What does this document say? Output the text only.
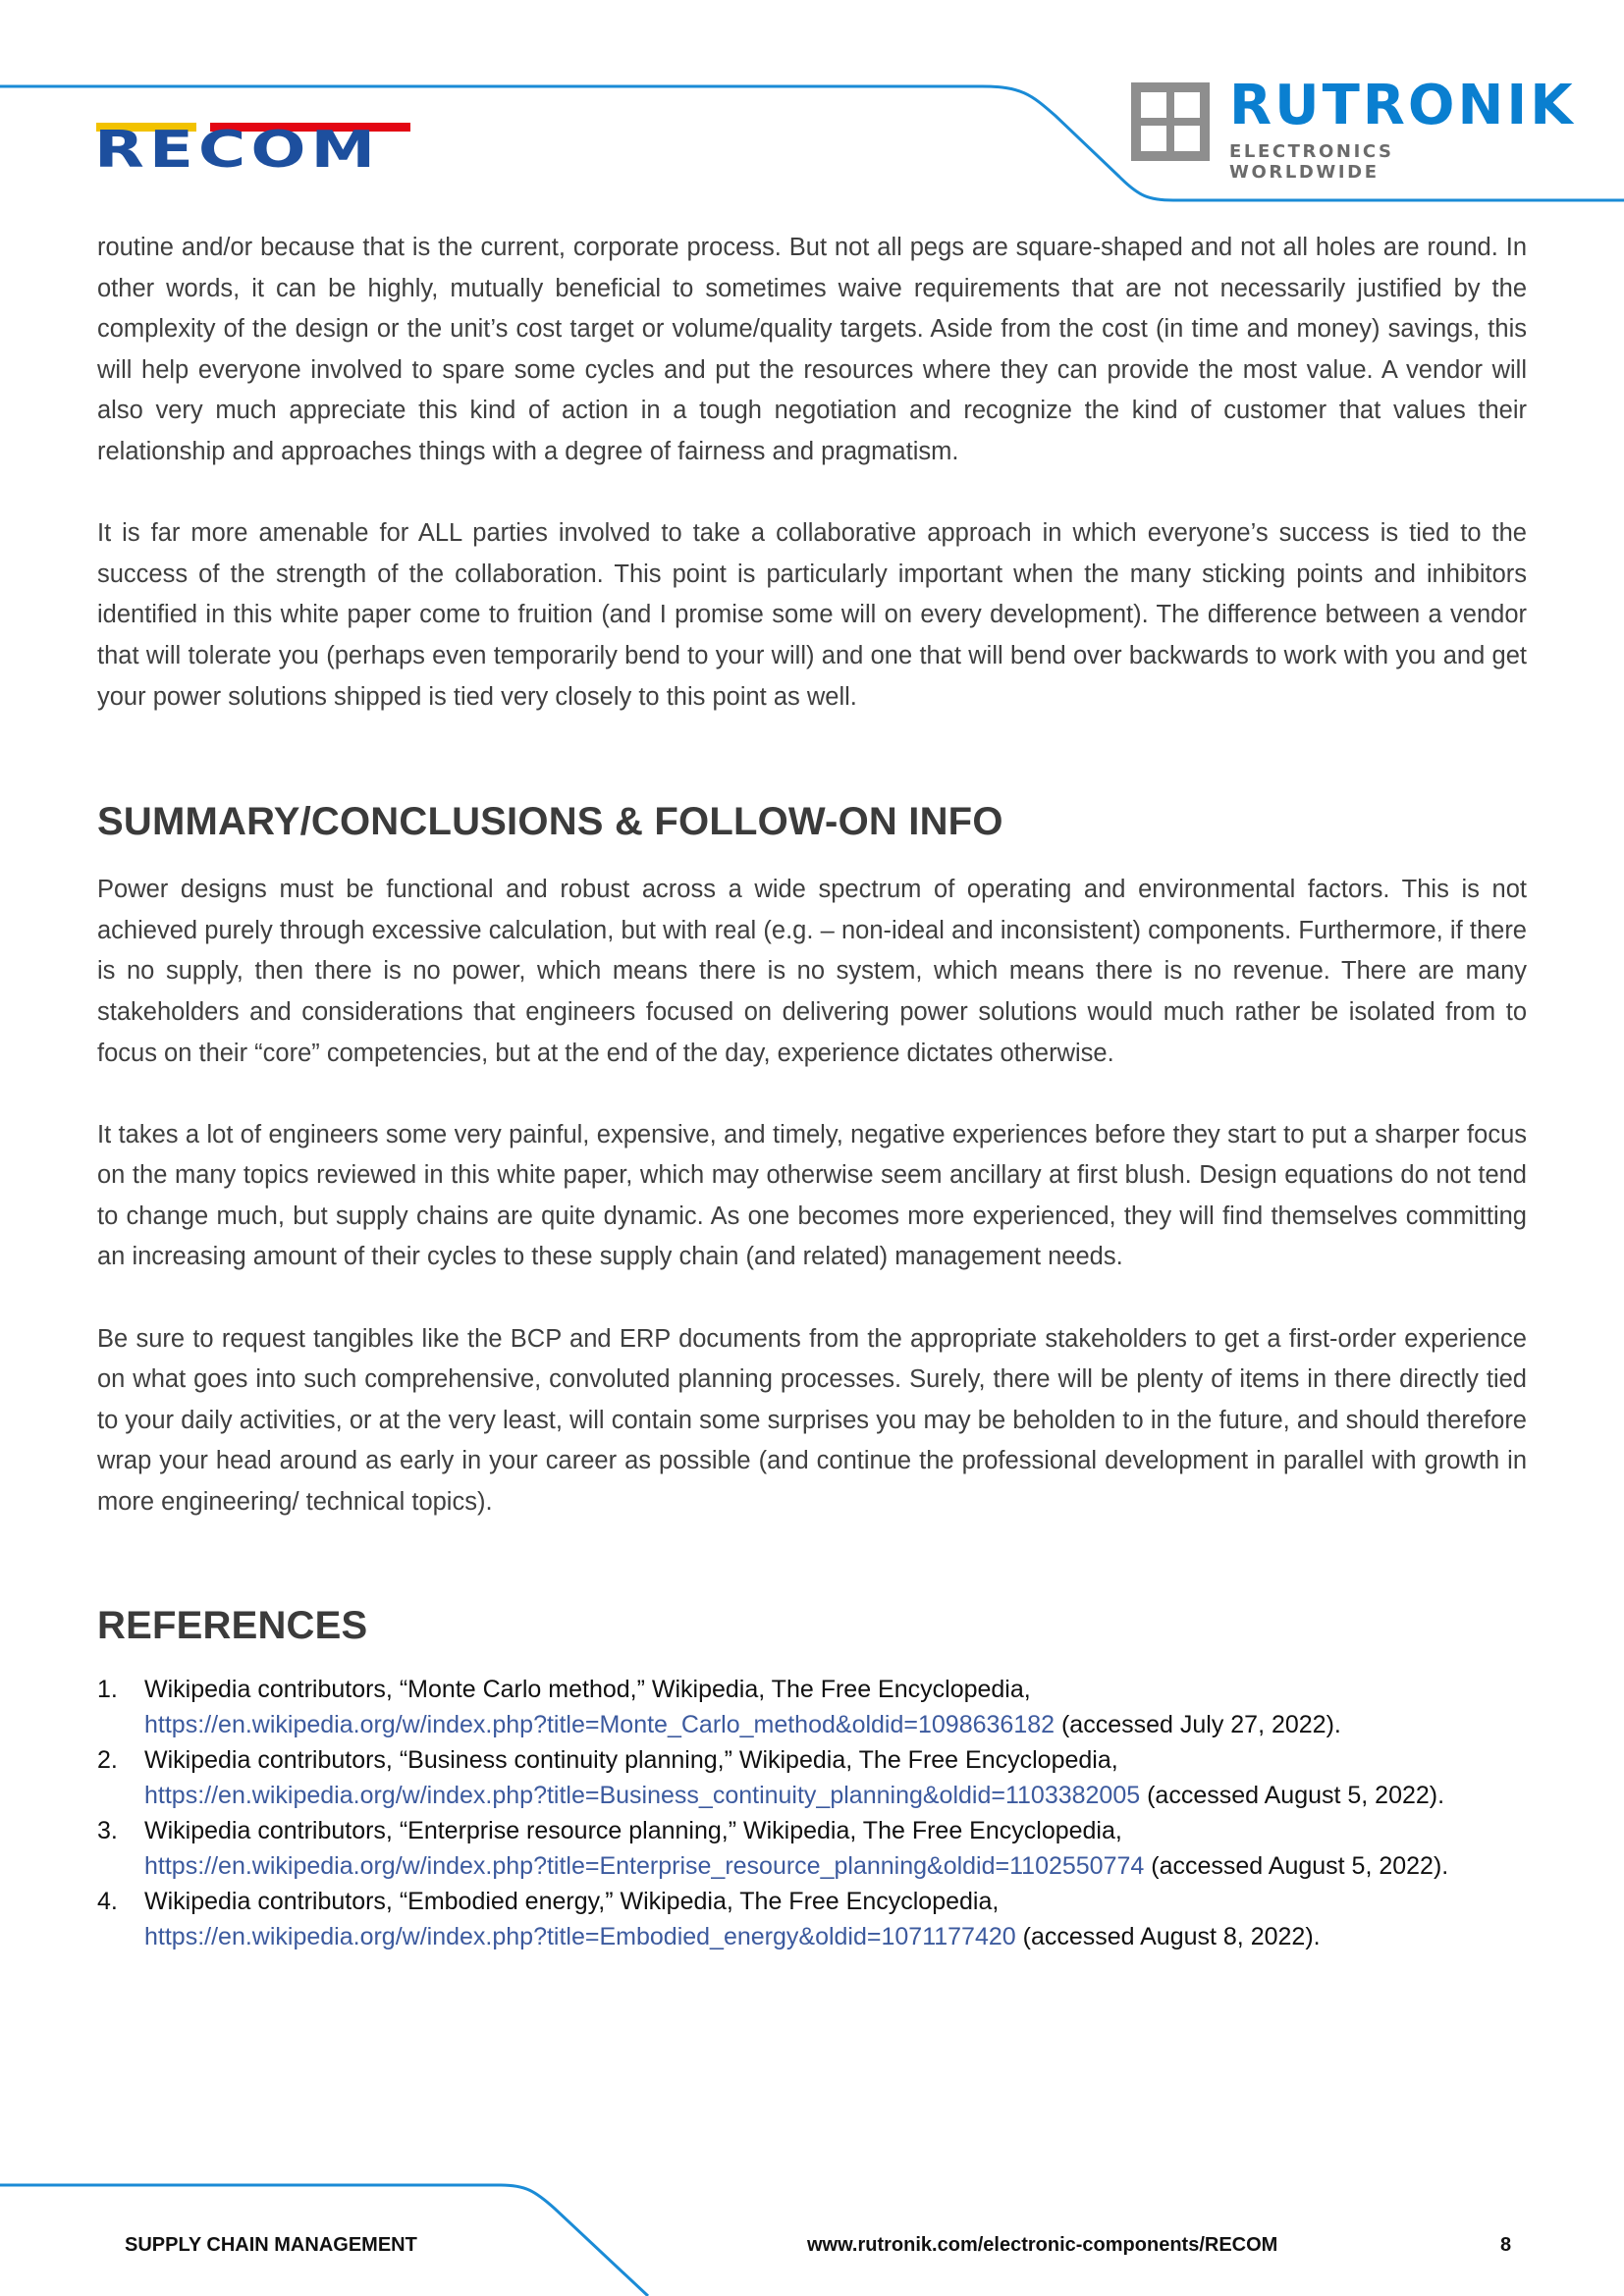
RECOM
RUTRONIK
ELECTRONICS WORLDWIDE

routine and/or because that is the current, corporate process. But not all pegs are square-shaped and not all holes are round. In other words, it can be highly, mutually beneficial to sometimes waive requirements that are not necessarily justified by the complexity of the design or the unit’s cost target or volume/quality targets. Aside from the cost (in time and money) savings, this will help everyone involved to spare some cycles and put the resources where they can provide the most value. A vendor will also very much appreciate this kind of action in a tough negotiation and recognize the kind of customer that values their relationship and approaches things with a degree of fairness and pragmatism.

It is far more amenable for ALL parties involved to take a collaborative approach in which everyone’s success is tied to the success of the strength of the collaboration. This point is particularly important when the many sticking points and inhibitors identified in this white paper come to fruition (and I promise some will on every development). The difference between a vendor that will tolerate you (perhaps even temporarily bend to your will) and one that will bend over backwards to work with you and get your power solutions shipped is tied very closely to this point as well.

SUMMARY/CONCLUSIONS & FOLLOW-ON INFO

Power designs must be functional and robust across a wide spectrum of operating and environmental factors. This is not achieved purely through excessive calculation, but with real (e.g. – non-ideal and inconsistent) components. Furthermore, if there is no supply, then there is no power, which means there is no system, which means there is no revenue. There are many stakeholders and considerations that engineers focused on delivering power solutions would much rather be isolated from to focus on their “core” competencies, but at the end of the day, experience dictates otherwise.

It takes a lot of engineers some very painful, expensive, and timely, negative experiences before they start to put a sharper focus on the many topics reviewed in this white paper, which may otherwise seem ancillary at first blush. Design equations do not tend to change much, but supply chains are quite dynamic. As one becomes more experienced, they will find themselves committing an increasing amount of their cycles to these supply chain (and related) management needs.

Be sure to request tangibles like the BCP and ERP documents from the appropriate stakeholders to get a first-order experience on what goes into such comprehensive, convoluted planning processes. Surely, there will be plenty of items in there directly tied to your daily activities, or at the very least, will contain some surprises you may be beholden to in the future, and should therefore wrap your head around as early in your career as possible (and continue the professional development in parallel with growth in more engineering/ technical topics).

REFERENCES
1. Wikipedia contributors, “Monte Carlo method,” Wikipedia, The Free Encyclopedia,
https://en.wikipedia.org/w/index.php?title=Monte_Carlo_method&oldid=1098636182 (accessed July 27, 2022).
2. Wikipedia contributors, “Business continuity planning,” Wikipedia, The Free Encyclopedia,
https://en.wikipedia.org/w/index.php?title=Business_continuity_planning&oldid=1103382005 (accessed August 5, 2022).
3. Wikipedia contributors, “Enterprise resource planning,” Wikipedia, The Free Encyclopedia,
https://en.wikipedia.org/w/index.php?title=Enterprise_resource_planning&oldid=1102550774 (accessed August 5, 2022).
4. Wikipedia contributors, “Embodied energy,” Wikipedia, The Free Encyclopedia,
https://en.wikipedia.org/w/index.php?title=Embodied_energy&oldid=1071177420 (accessed August 8, 2022).
SUPPLY CHAIN MANAGEMENT	www.rutronik.com/electronic-components/RECOM	8
